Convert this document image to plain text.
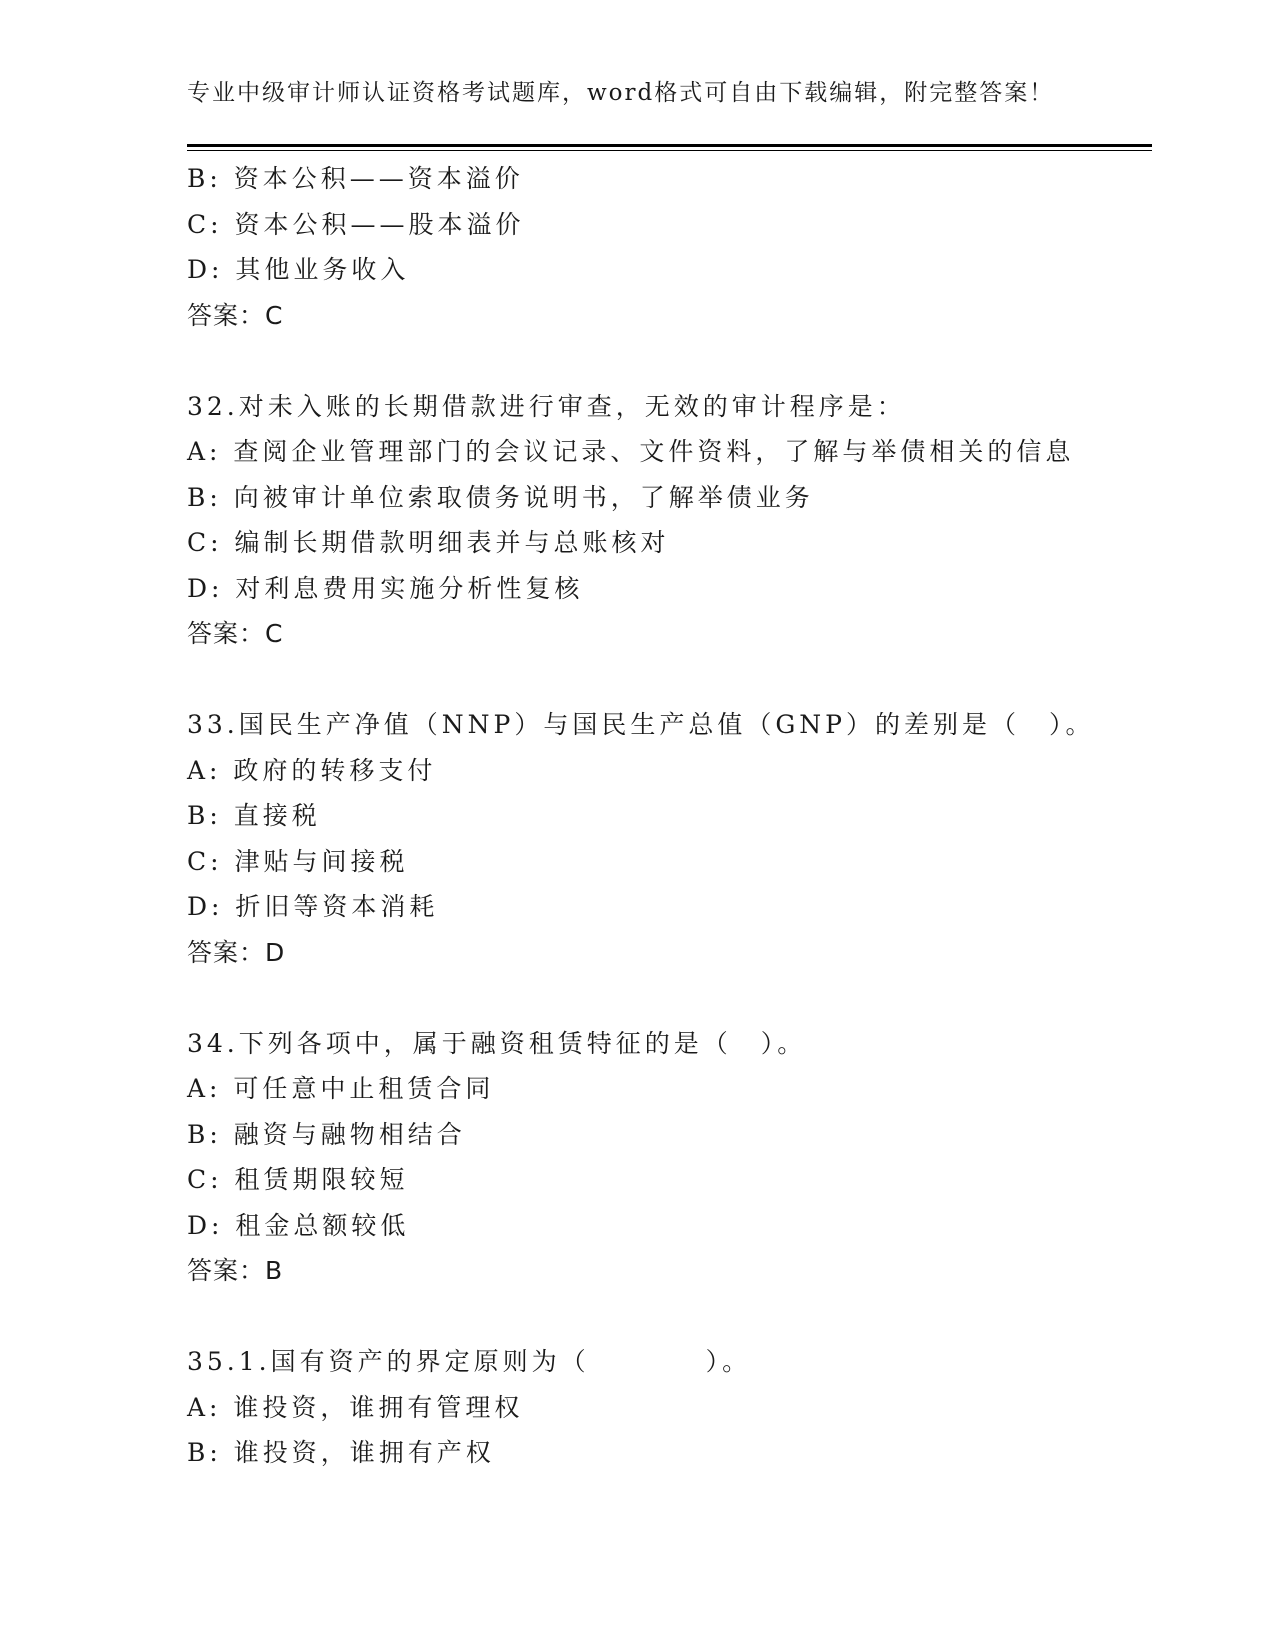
专业中级审计师认证资格考试题库，word格式可自由下载编辑，附完整答案！
B: 资本公积——资本溢价
C: 资本公积——股本溢价
D: 其他业务收入
答案：C
32.对未入账的长期借款进行审查，无效的审计程序是：
A: 查阅企业管理部门的会议记录、文件资料，了解与举债相关的信息
B: 向被审计单位索取债务说明书，了解举债业务
C: 编制长期借款明细表并与总账核对
D: 对利息费用实施分析性复核
答案：C
33.国民生产净值（NNP）与国民生产总值（GNP）的差别是（　）。
A: 政府的转移支付
B: 直接税
C: 津贴与间接税
D: 折旧等资本消耗
答案：D
34.下列各项中，属于融资租赁特征的是（　）。
A: 可任意中止租赁合同
B: 融资与融物相结合
C: 租赁期限较短
D: 租金总额较低
答案：B
35.1.国有资产的界定原则为（　　　　）。
A: 谁投资，谁拥有管理权
B: 谁投资，谁拥有产权
